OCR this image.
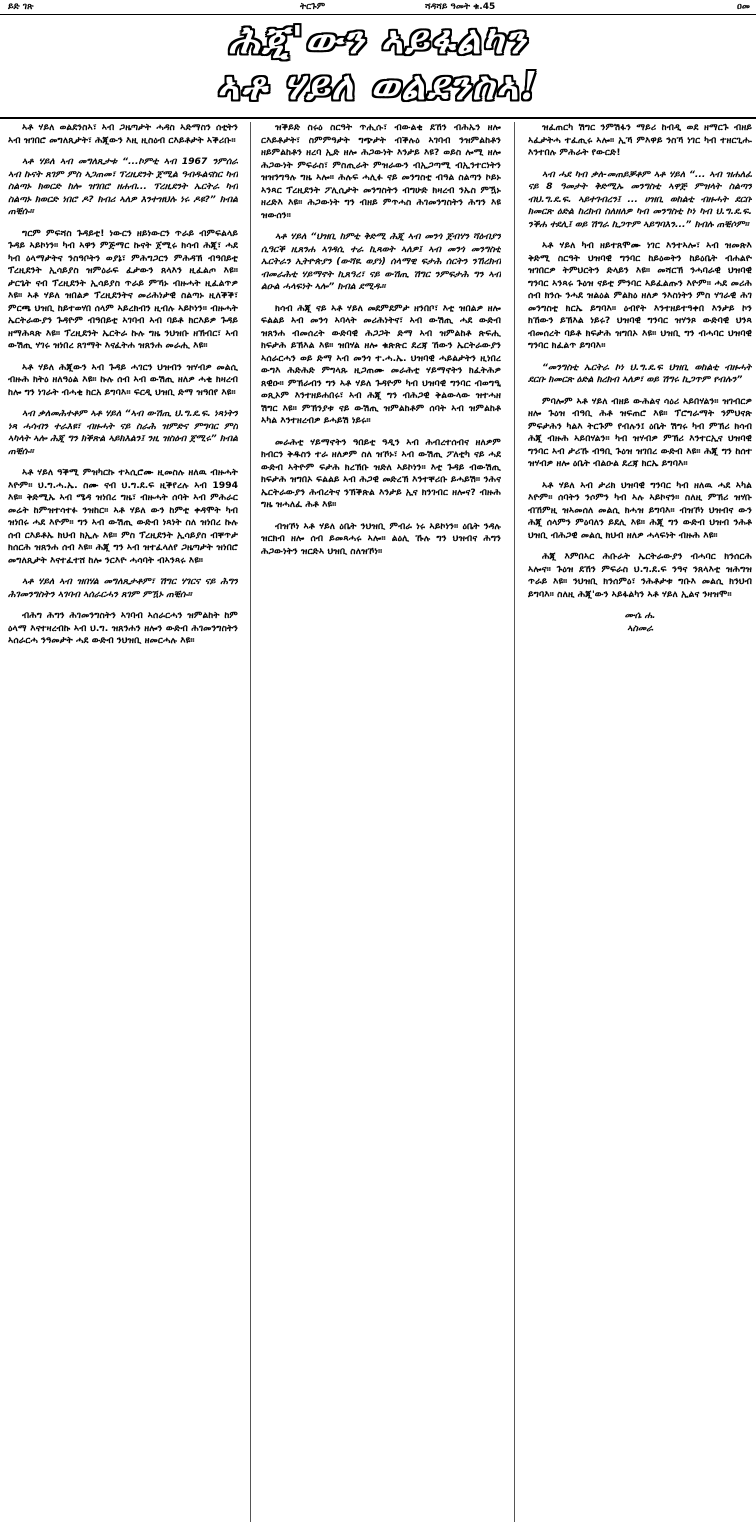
ይድ ገጽ	ትርጉም	ሻዳሻይ ዓመት ቁ.45	ዐመ
ሕጂ'ውን ኣይፋልካን
ኣቶ ሃይለ ወልደንስኣ!

ኣቶ ሃይለ ወልደንስኣ፣ ኣብ ጋዜጣታት ሓዳስ ኣድማስን ሰቲትን ኣብ ዝገበሮ መግለጺታት፣ ሕጂውን እዚ ዚስዕብ ርእይቶታት ኣቕሪቡ።

ኣቶ ሃይለ ኣብ መግለጺታቱ “...ኮምቲ ኣብ 1967 ንምሰራ ኣብ ኩናት ጸገም ምስ ኣጋጠመ፣ ፕረዚደንት ጀሚል ዓብዱልናስር ካብ ስልጣኑ ክወርድ ከሎ ዝገበሮ ዘሐብ... ፕረዚደንት ኤርትራ ካብ ስልጣኑ ክወርድ ነበሮ ዶ? ክብሪ ኣለዎ እንተዝህሉ ነሩ ዶዩ?” ክብል ጠቒሱ።

ግርም ምፍሻስ ጉዳይቲ! ነውርን ዘይነውርን ጥራይ ብምፍልላይ ጉዳይ ኣይኮነን። ካብ ኣዋን ምጅማር ኩናት ጀሚሩ ክሳብ ሕጂ፣ ሓደ ካብ ዕላማታትና ንስዓቦትን ወያኔ፣ ምሕግጋርን ምሕዳኽ ብዓበይቲ ፕረዚደንት ኢሳይያስ ዝምዕራፍ ፈታውን ጸላእን ዚፈልጦ እዩ። ታርጌት ናብ ፕረዚደንት ኢሳይያስ ጥራይ ምኻኑ ብዙሓት ዚፈልጥዎ እዩ። ኣቶ ሃይለ ዝበልዎ ፕረዚደንትና መሪሕነታዊ ስልጣኑ ዚለቕቕ፣ ምርጫ ህዝቢ ከይተወሃበ ሰላም ኣይረክብን ዚብሉ ኣይኮነን። ብዙሓት ኤርትራውያን ጉዳዮም ብዓበይቲ ኣገባብ ኣብ ባይቶ ክርእይዎ ጉዳይ ዘማሕጻጽ እዩ። ፕረዚደንት ኤርትራ ኩሉ ግዜ ንህዝቡ ዘኽብር፣ ኣብ ውሽጢ ሃገሩ ዝነበረ ጸገማት እናፈትሐ ዝጸንሐ መራሒ እዩ።

ኣቶ ሃይለ ሕጂውን ኣብ ጉዳይ ሓገርን ህዝብን ዝሃብዎ መልሲ ብዙሕ ክትዕ ዘለዓዕል እዩ። ኩሉ ሰብ ኣብ ውሽጢ ዘለዎ ሓቂ ክዛረብ ከሎ ግን ነገራት ብሓቂ ክርአ ይግባእ። ፍርዲ ህዝቢ ድማ ዝዓበየ እዩ።

ኣብ ቃለመሕተቶም ኣቶ ሃይለ “ኣብ ውሽጢ ህ.ግ.ደ.ፍ. ነጻነትን ነጻ ሓሳብን ተራእዩ፣ ብዙሓት ናይ ስራሕ ዝምድና ምግባር ምስ ኣካላት ኣሎ ሕጂ ግን ክቕጽል ኣይክእልን፤ ንዚ ዝስዕብ ጀሚሩ” ክብል ጠቒሱ።

ኣቶ ሃይለ ዓቕሚ ምዝካርኩ ተኣሲሮሙ ዚመስሉ ዘለዉ ብዙሓት እዮም። ህ.ግ.ሓ.ኤ. ስሙ ናብ ህ.ግ.ደ.ፍ ዚቕየረሉ ኣብ 1994 እዩ። ቅድሚኡ ኣብ ሜዳ ዝነበረ ግዜ፣ ብዙሓት ሰባት ኣብ ምሕራር መሬት ከምዝተሳተፉ ንዝከር። ኣቶ ሃይለ ውን ከምቲ ቀዳሞት ካብ ዝነበሩ ሓደ እዮም። ግን ኣብ ውሽጢ ውድብ ነጻነት ስለ ዝነበረ ኩሉ ሰብ ርእይቶኡ ክህብ ክኢሉ እዩ። ምስ ፕረዚደንት ኢሳይያስ ብቐጥታ ክሰርሕ ዝጸንሐ ሰብ እዩ። ሕጂ ግን ኣብ ዝተፈላለየ ጋዜጣታት ዝነበሮ መግለጺታት እናተፈተሸ ከሎ ንርእዮ ሓሳባት ብኣንጻሩ እዩ።

ኣቶ ሃይለ ኣብ ዝበሃል መግለጺታቶም፣ ሽግር ሃገርና ናይ ሕግን ሕገመንግስትን ኣገባብ ኣሰራርሓን ጸገም ምዃኑ ጠቒሱ።

ብሕግ ሕግን ሕገመንግስትን ኣገባብ ኣሰራርሓን ዝምልከት ከም ዕላማ እናተዛረብኩ ኣብ ህ.ግ. ዝጸንሐን ዘሎን ውድብ ሕገመንግስትን ኣሰራርሓ ንዓመታት ሓደ ውድብ ንህዝቢ ዘመርሓሉ እዩ።

ዝቕይድ ስሩዕ ስርዓት ጥሒሱ፣ ብውልቂ ደኸን ብሕኡን ዘሎ ርእይቶታት፣ ስምምዓታት ግጭታት ብቕሉዕ ኣገባብ ንዝምልከቶን ዘይምልከቶን ዘረባ ኢድ ዘሎ ሕጋውነት እንታይ እዩ? ወይስ ሎሚ ዘሎ ሕጋውነት ምፍራስ፣ ምስጢራት ምዝራውን ብኢጋጣሚ ብኢንተርነትን ዝዝንግዓሉ ግዜ ኣሎ። ሕሉፍ ሓሊፉ ናይ መንግስቲ ብዓል ስልጣን ኮይኑ ኣንጻር ፕረዚደንት ፖሊሲታት መንግስትን ብግሁድ ክዛረብ ንኡስ ምዃኑ ዘረድእ እዩ። ሕጋውነት ግን ብዘይ ምጥሓስ ሕገመንግስትን ሕግን እዩ ዝውሰን።

ኣቶ ሃይለ “ህዝቢ ከምቲ ቅድሚ ሕጂ ኣብ መንጎ ጀብሃን ሻዕብያን ሲዓርቕ ዚጸንሐ ኣገዳሲ ተራ ኪጻወት ኣለዎ፤ ኣብ መንጎ መንግስቲ ኤርትራን ኢትዮጵያን (ውሻዪ ወያነ) ሰላማዊ ፍታሕ ሰርትን ንኸረክብ ብመራሕቲ ሃይማኖት ኪጸዓረ፣ ናይ ውሽጢ ሽግር ንምፍታሕ ግን ኣብ ልዑል ሓላፍነት ኣሎ” ክብል ደሚዱ።

ክሳብ ሕጂ ናይ ኣቶ ሃይለ መደምደምታ ዘንበቦ፣ እቲ ዝበልዎ ዘሎ ፍልልይ ኣብ መንጎ ኣባላት መሪሕነትና፣ ኣብ ውሽጢ ሓደ ውድብ ዝጸንሐ ብመሰረት ውድባዊ ሕጋጋት ድማ ኣብ ዝምልከቶ ጽፍሒ ክፍታሕ ይኽእል እዩ። ዝበሃል ዘሎ ቁጽጽር ደረጃ ኸውን ኤርትራውያን ኣሰራርሓን ወይ ድማ ኣብ መንጎ ተ.ሓ.ኤ. ህዝባዊ ሓይልታትን ዚነበረ ውግእ ሕድሕድ ምግላጹ ዚጋጠሙ መራሕቲ ሃይማኖትን ክፈትሕዎ ጸዊዑ። ምኽራብን ግን ኣቶ ሃይለ ጉዳዮም ካብ ህዝባዊ ግንባር ብወግዒ ወጺኦም እንተዘይሐበሩ፣ ኣብ ሕጂ ግን ብሕጋዊ ቅልውላው ዝተሓዘ ሽግር እዩ። ምኽንያቱ ናይ ውሽጢ ዝምልከቶም ሰባት ኣብ ዝምልከቶ ኣካል እንተዘረብዎ ይሓይሽ ነይሩ።

መራሕቲ ሃይማኖትን ዓበይቲ ዓዲን ኣብ ሕብረተሰብና ዘለዎም ክብርን ቅዱስን ተራ ዘለዎም ስለ ዝኾኑ፣ ኣብ ውሽጢ ፖለቲካ ናይ ሓደ ውድብ ኣትዮም ፍታሕ ክረኽቡ ዝድለ ኣይኮነን። እቲ ጉዳይ ብውሽጢ ክፍታሕ ዝግበኦ ፍልልይ ኣብ ሕጋዊ መድረኽ እንተቐሪቡ ይሓይሽ። ንሕና ኤርትራውያን ሕብረትና ንኽቕጽል እንታይ ኢና ክንገብር ዘሎና? ብዙሕ ግዜ ዝሓለፈ ሕቶ እዩ።

ብዝኾነ ኣቶ ሃይለ ዕቤት ንህዝቢ ምብራ ነሩ ኣይኮነን። ዕቤት ንዳሉ ዝርክብ ዘሎ ሰብ ይመጻሓሩ ኣሎ። ልዕሊ ኹሉ ግን ህዝብና ሕግን ሕጋውነትን ዝርድኣ ህዝቢ ስለዝኾነ።

ዝፈጠርካ ሽግር ንምሽፋን ማይሪ ከብዲ ወደ ዘማርጉ ብዘይ ኣፈታትሓ ተፈጢሩ ኣሎ። ኢኻ ምእዋይ ንስኻ ነገር ካብ ተዘርጊሑ እንተበሉ ምሕራት የውርድ!

ኣብ ሓደ ካብ ቃለ-መጠይቓቶም ኣቶ ሃይለ “... ኣብ ዝሐለፈ ናይ 8 ዓመታት ቅድሚኡ መንግስቲ ኣዋጅ ምዝላት ስልጣን ብህ.ግ.ደ.ፍ. ኣይተገብረን፤ ... ሀዝቢ ወከልቲ ብዙሓት ደርቡ ክመርጽ ዕድል ከረክብ ስለዘለዎ ካብ መንግስቲ ኮነ ካብ ህ.ግ.ደ.ፍ. ንቕሐ ተደሊ፤ ወይ ሽግራ ኪጋጥም ኣይግባእን...” ክብሉ ጠቒሶም።

ኣቶ ሃይለ ካብ ዘይተጸሞሙ ነገር እንተኣሎ፣ ኣብ ዝመጽእ ቅድሚ ስርዓት ህዝባዊ ግንባር ከይዕወትን ከይዕቤት ብሐልዮ ዝገበርዎ ትምህርትን ድላይን እዩ። መሻርኽ ንሓባራዊ ህዝባዊ ግንባር ኣንጻሩ ጉዕዝ ናይቲ ምንባር ኣይፈልጡን እዮም። ሓደ መሪሕ ሰብ ክንሱ ንሓደ ዝልዕል ምልክዕ ዘለዎ ንእስነትን ምስ ሃገራዊ ሕገ መንግስቲ ክርኤ ይግባእ። ዕብየት እንተዘይተዓቀበ እንታይ ኮን ክኸውን ይኽእል ነይሩ? ህዝባዊ ግንባር ዝሃንጾ ውድባዊ ህንጻ ብመሰረት ባይቶ ክፍታሕ ዝግበኦ እዩ። ህዝቢ ግን ብሓባር ህዝባዊ ግንባር ክፈልጥ ይግባእ።

“መንግስቲ ኤርትራ ኮነ ህ.ግ.ደ.ፍ ህዝቢ ወከልቲ ብዙሓት ደርቡ ክመርጽ ዕድል ክረክብ ኣለዎ፣ ወይ ሽግሩ ኪጋጥም የብሉን”

ምባሎም ኣቶ ሃይለ ብዘይ ውሕልና ሳዕሪ ኣይበሃልን። ዝገብርዎ ዘሎ ጉዕዝ ብዓቢ ሕቶ ዝፍጠሮ እዩ። ፕሮግራማት ንምህናጽ ምፍታሕን ካልእ ትርጉም የብሉን፤ ዕቤት ሽግሩ ካብ ምኽሪ ክሳብ ሕጂ ብዙሕ ኣይበሃልን። ካብ ዝሃብዎ ምኽሪ እንተርኢና ህዝባዊ ግንባር ኣብ ታሪኹ ብዓቢ ጉዕዝ ዝገበረ ውድብ እዩ። ሕጂ ግን ከሰተ ዝሃብዎ ዘሎ ዕቤት ብልዑል ደረጃ ክርኤ ይግባእ።

ኣቶ ሃይለ ኣብ ታሪክ ህዝባዊ ግንባር ካብ ዘለዉ ሓደ ኣካል እዮም። ሰባትን ንሶምን ካብ ኣሉ ኣይኮናን። ስለዚ ምኽሪ ዝሃቡ ብኸምዚ ዝኣመሰለ መልሲ ክሓዝ ይግባእ። ብዝኾነ ህዝብና ውን ሕጂ ሰላምን ምዕባለን ይደሊ እዩ። ሕጂ ግን ውድብ ህዝብ ንሕቶ ህዝቢ ብሕጋዊ መልሲ ክህብ ዘለዎ ሓላፍነት ብዙሕ እዩ።

ሕጂ እምበኣር ሕቡራት ኤርትራውያን ብሓባር ክንሰርሕ ኣሎና። ጉዕዝ ደኸን ምፍራስ ህ.ግ.ደ.ፍ ንዓና ንጸላእቲ ዝሕግዝ ጥራይ እዩ። ንህዝቢ ክንሰምዕ፣ ንሕቶታቱ ግቡእ መልሲ ክንህብ ይግባእ። ስለዚ ሕጂ'ውን ኣይፋልካን ኣቶ ሃይለ ኢልና ንዛዝሞ።

ሙሴ ሐ.

ኣስመራ
